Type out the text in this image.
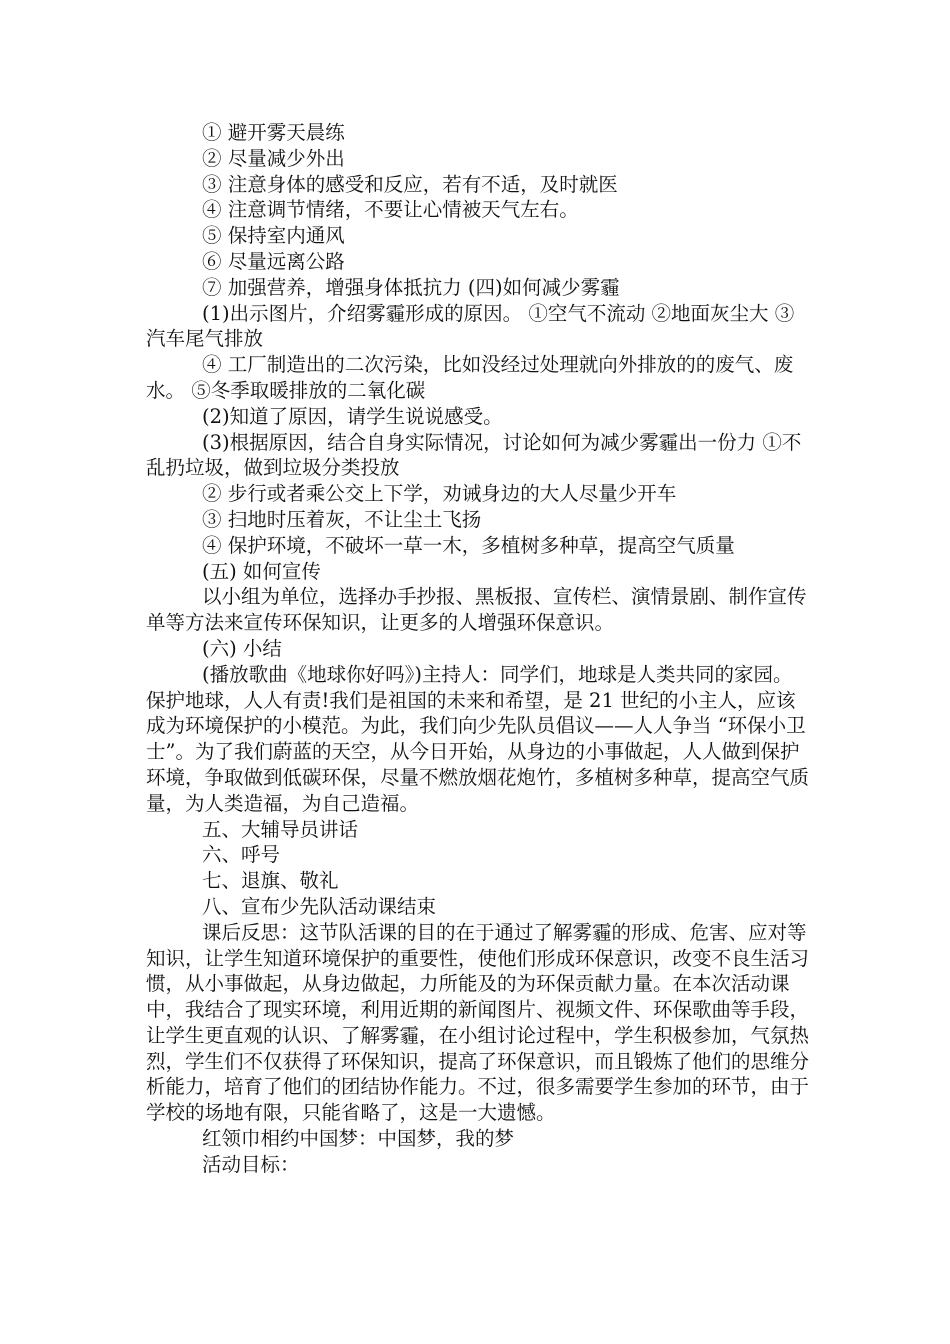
① 避开雾天晨练

② 尽量减少外出

③ 注意身体的感受和反应，若有不适，及时就医

④ 注意调节情绪，不要让心情被天气左右。

⑤ 保持室内通风

⑥ 尽量远离公路

⑦ 加强营养，增强身体抵抗力 (四)如何减少雾霾

(1)出示图片，介绍雾霾形成的原因。 ①空气不流动 ②地面灰尘大 ③汽车尾气排放

④ 工厂制造出的二次污染，比如没经过处理就向外排放的的废气、废水。 ⑤冬季取暖排放的二氧化碳

(2)知道了原因，请学生说说感受。

(3)根据原因，结合自身实际情况，讨论如何为减少雾霾出一份力 ①不乱扔垃圾，做到垃圾分类投放

② 步行或者乘公交上下学，劝诫身边的大人尽量少开车

③ 扫地时压着灰，不让尘土飞扬

④ 保护环境，不破坏一草一木，多植树多种草，提高空气质量

(五) 如何宣传

以小组为单位，选择办手抄报、黑板报、宣传栏、演情景剧、制作宣传单等方法来宣传环保知识，让更多的人增强环保意识。

(六) 小结

(播放歌曲《地球你好吗》)主持人：同学们，地球是人类共同的家园。保护地球，人人有责!我们是祖国的未来和希望，是 21 世纪的小主人，应该成为环境保护的小模范。为此，我们向少先队员倡议——人人争当 “环保小卫士”。为了我们蔚蓝的天空，从今日开始，从身边的小事做起，人人做到保护环境，争取做到低碳环保，尽量不燃放烟花炮竹，多植树多种草，提高空气质量，为人类造福，为自己造福。

五、大辅导员讲话

六、呼号

七、退旗、敬礼

八、宣布少先队活动课结束

课后反思：这节队活课的目的在于通过了解雾霾的形成、危害、应对等知识，让学生知道环境保护的重要性，使他们形成环保意识，改变不良生活习惯，从小事做起，从身边做起，力所能及的为环保贡献力量。在本次活动课中，我结合了现实环境，利用近期的新闻图片、视频文件、环保歌曲等手段，让学生更直观的认识、了解雾霾，在小组讨论过程中，学生积极参加，气氛热烈，学生们不仅获得了环保知识，提高了环保意识，而且锻炼了他们的思维分析能力，培育了他们的团结协作能力。不过，很多需要学生参加的环节，由于学校的场地有限，只能省略了，这是一大遗憾。

红领巾相约中国梦：中国梦，我的梦

活动目标：
